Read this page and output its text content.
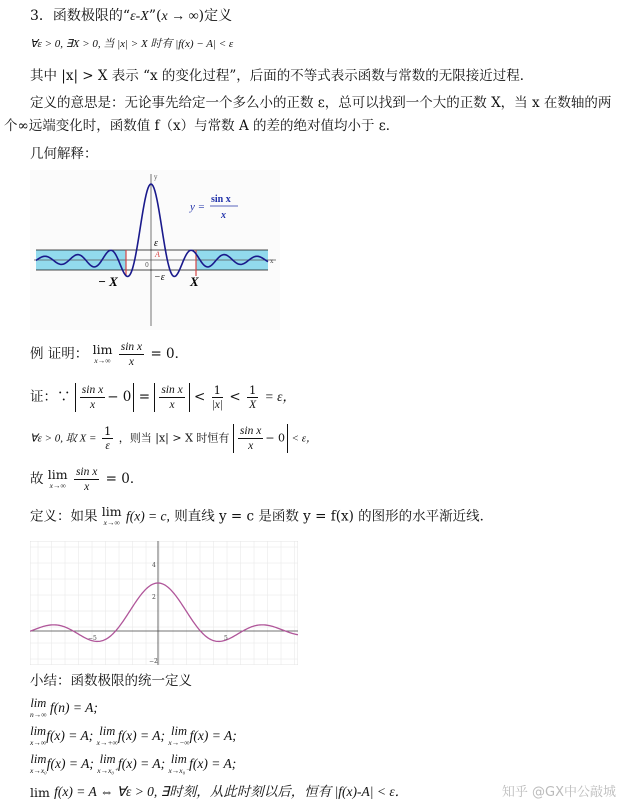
3．函数极限的“ε-X”(x → ∞)定义
∀ε > 0, ∃X > 0, 当 |x| > X 时有 |f(x) − A| < ε
其中 |x| > X 表示 “x 的变化过程”，后面的不等式表示函数与常数的无限接近过程．
定义的意思是：无论事先给定一个多么小的正数 ε，总可以找到一个大的正数 X，当 x 在数轴的两
个∞远端变化时，函数值 f（x）与常数 A 的差的绝对值均小于 ε．
几何解释：
y
x
ε
A
0
−ε
− X	X
y =
sin x
x
例 证明： lim
x→∞
$\frac{\text{sin x}}{x} = 0$．
证：∵ $\frac{\text{sin x}}{x} - 0 = \frac{\text{sin x}}{x} < \frac{1}{|x|} < \frac{1}{X} = \varepsilon$，
∀ε > 0, 取 $X = \frac{1}{\varepsilon}$ ，则当 |x| > X 时恒有 $\frac{\text{sin x}}{x} - 0 < \varepsilon$，
故 lim
x→∞
$\frac{\text{sin x}}{x} = 0$．
定义：如果 lim
x→∞ f(x) = c, 则直线 y = c 是函数 y = f(x) 的图形的水平渐近线．
−5	5
4
2
−2
小结：函数极限的统一定义
lim
n→∞ f(n) = A;
lim
x→∞ f(x) = A; lim
x→+∞ f(x) = A; lim
x→−∞ f(x) = A;
lim
x→x₀ f(x) = A; lim
x→x₀⁺ f(x) = A; lim
x→x₀⁻ f(x) = A;
lim f(x) = A ⇔ ∀ε > 0, ∃时刻，从此时刻以后，恒有 |f(x)-A| < ε．	知乎 @GX中公敲城
